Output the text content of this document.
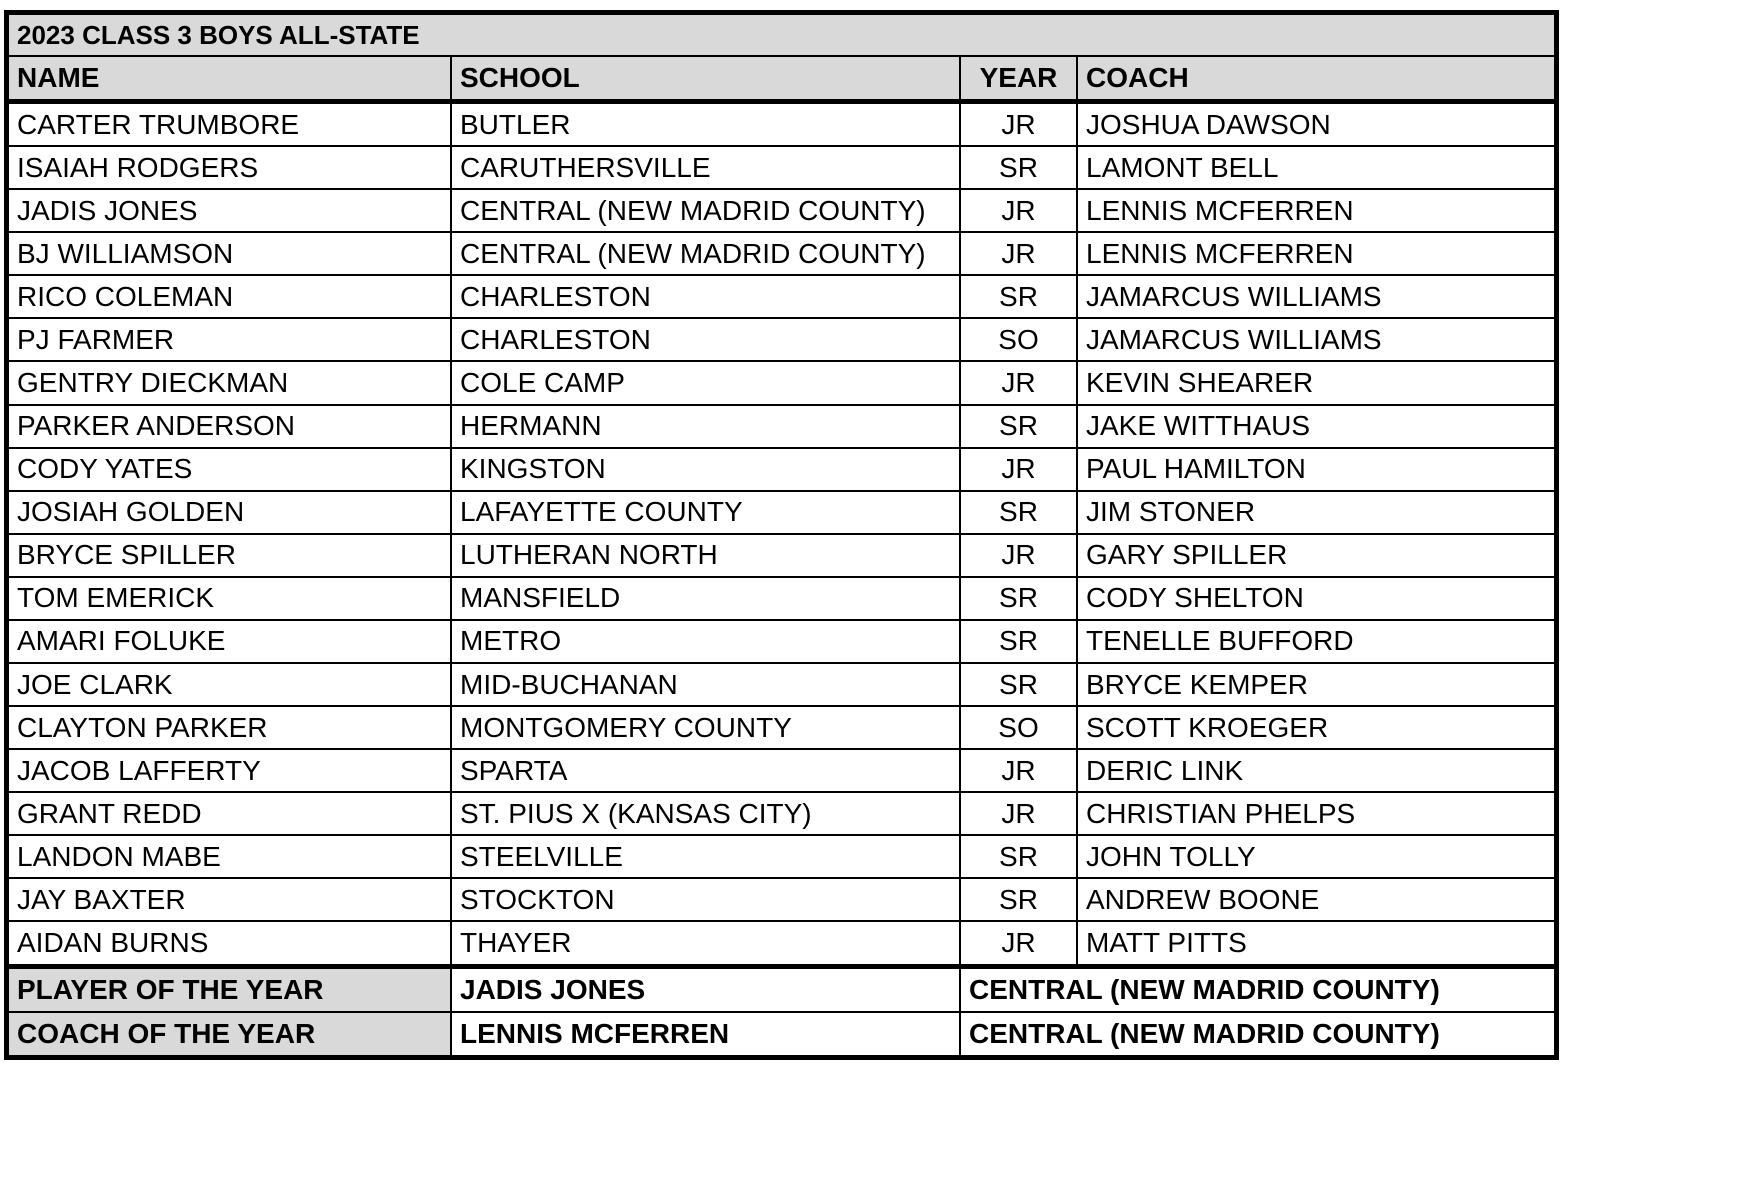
2023 CLASS 3 BOYS ALL-STATE			
NAME	SCHOOL	YEAR	COACH
CARTER TRUMBORE	BUTLER	JR	JOSHUA DAWSON
ISAIAH RODGERS	CARUTHERSVILLE	SR	LAMONT BELL
JADIS JONES	CENTRAL (NEW MADRID COUNTY)	JR	LENNIS MCFERREN
BJ WILLIAMSON	CENTRAL (NEW MADRID COUNTY)	JR	LENNIS MCFERREN
RICO COLEMAN	CHARLESTON	SR	JAMARCUS WILLIAMS
PJ FARMER	CHARLESTON	SO	JAMARCUS WILLIAMS
GENTRY DIECKMAN	COLE CAMP	JR	KEVIN SHEARER
PARKER ANDERSON	HERMANN	SR	JAKE WITTHAUS
CODY YATES	KINGSTON	JR	PAUL HAMILTON
JOSIAH GOLDEN	LAFAYETTE COUNTY	SR	JIM STONER
BRYCE SPILLER	LUTHERAN NORTH	JR	GARY SPILLER
TOM EMERICK	MANSFIELD	SR	CODY SHELTON
AMARI FOLUKE	METRO	SR	TENELLE BUFFORD
JOE CLARK	MID-BUCHANAN	SR	BRYCE KEMPER
CLAYTON PARKER	MONTGOMERY COUNTY	SO	SCOTT KROEGER
JACOB LAFFERTY	SPARTA	JR	DERIC LINK
GRANT REDD	ST. PIUS X (KANSAS CITY)	JR	CHRISTIAN PHELPS
LANDON MABE	STEELVILLE	SR	JOHN TOLLY
JAY BAXTER	STOCKTON	SR	ANDREW BOONE
AIDAN BURNS	THAYER	JR	MATT PITTS
PLAYER OF THE YEAR	JADIS JONES	CENTRAL (NEW MADRID COUNTY)	
COACH OF THE YEAR	LENNIS MCFERREN	CENTRAL (NEW MADRID COUNTY)	
